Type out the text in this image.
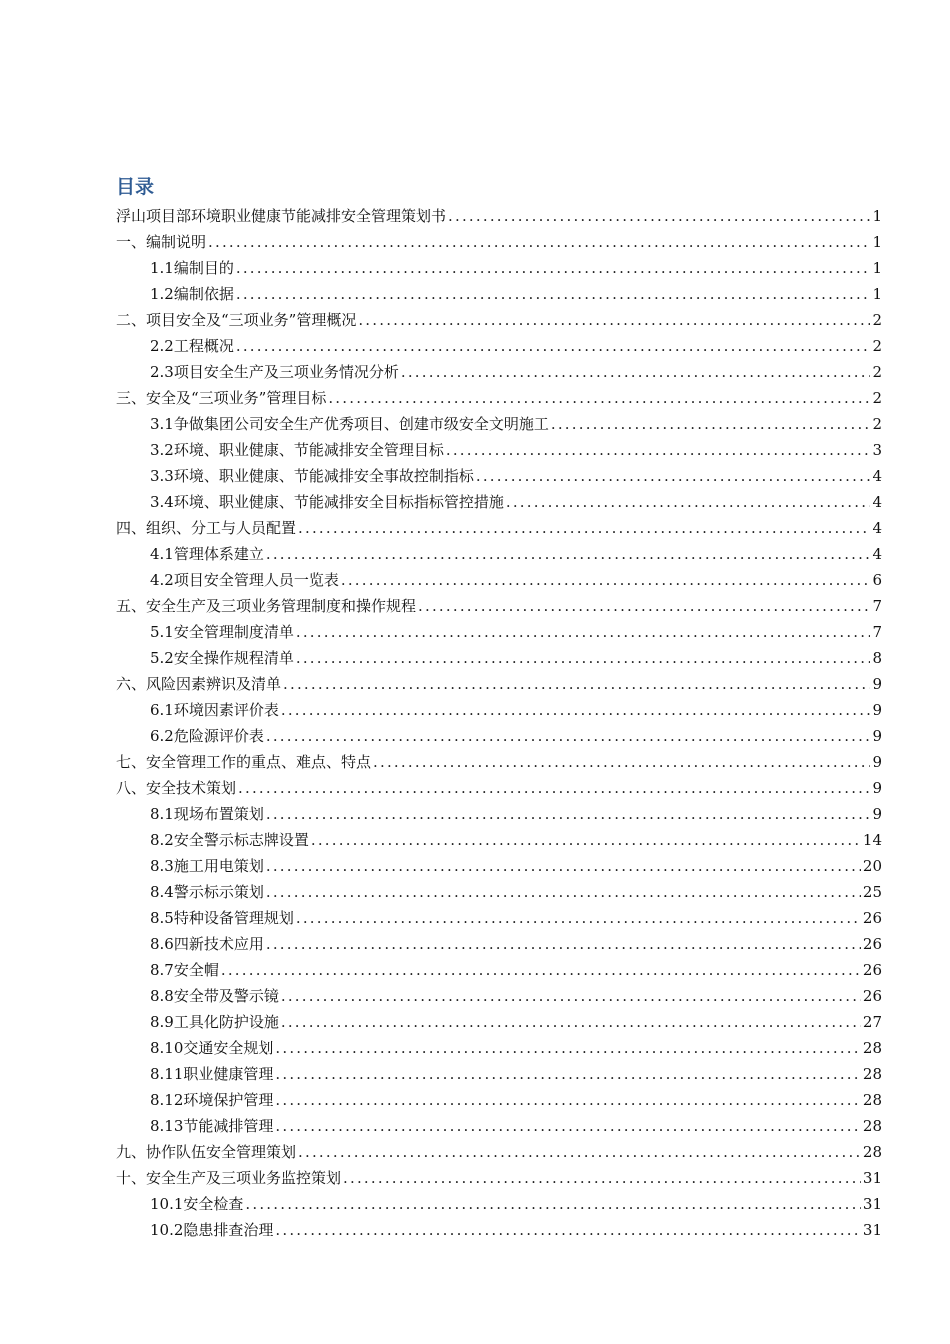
目录
浮山项目部环境职业健康节能减排安全管理策划书 .....	1
一、编制说明 .....	1
1.1编制目的 .....	1
1.2编制依据 .....	1
二、项目安全及“三项业务”管理概况 .....	2
2.2工程概况 .....	2
2.3项目安全生产及三项业务情况分析 .....	2
三、安全及“三项业务”管理目标 .....	2
3.1争做集团公司安全生产优秀项目、创建市级安全文明施工 .....	2
3.2环境、职业健康、节能减排安全管理目标 .....	3
3.3环境、职业健康、节能减排安全事故控制指标 .....	4
3.4环境、职业健康、节能减排安全目标指标管控措施 .....	4
四、组织、分工与人员配置 .....	4
4.1管理体系建立 .....	4
4.2项目安全管理人员一览表 .....	6
五、安全生产及三项业务管理制度和操作规程 .....	7
5.1安全管理制度清单 .....	7
5.2安全操作规程清单 .....	8
六、风险因素辨识及清单 .....	9
6.1环境因素评价表 .....	9
6.2危险源评价表 .....	9
七、安全管理工作的重点、难点、特点 .....	9
八、安全技术策划 .....	9
8.1现场布置策划 .....	9
8.2安全警示标志牌设置 .....	14
8.3施工用电策划 .....	20
8.4警示标示策划 .....	25
8.5特种设备管理规划 .....	26
8.6四新技术应用 .....	26
8.7安全帽 .....	26
8.8安全带及警示镜 .....	26
8.9工具化防护设施 .....	27
8.10交通安全规划 .....	28
8.11职业健康管理 .....	28
8.12环境保护管理 .....	28
8.13节能减排管理 .....	28
九、协作队伍安全管理策划 .....	28
十、安全生产及三项业务监控策划 .....	31
10.1安全检查 .....	31
10.2隐患排查治理 .....	31
